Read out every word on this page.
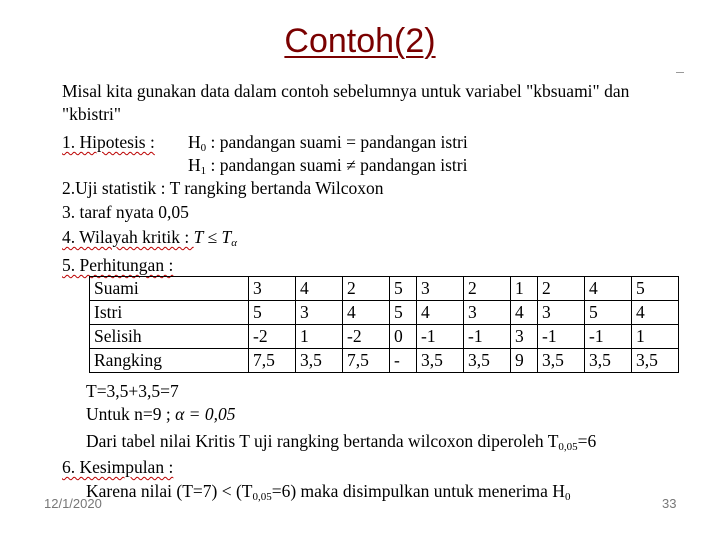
Contoh(2)
Misal kita gunakan data dalam contoh sebelumnya untuk variabel "kbsuami" dan
"kbistri"
1. Hipotesis : $H_0$ : pandangan suami = pandangan istri
$H_1$ : pandangan suami ≠ pandangan istri
2.Uji statistik : T rangking bertanda Wilcoxon
3. taraf nyata 0,05
4. Wilayah kritik : $T \le T_\alpha$
5. Perhitungan :
Suami	3	4	2	5	3	2	1	2	4	5
Istri	5	3	4	5	4	3	4	3	5	4
Selisih	-2	1	-2	0	-1	-1	3	-1	-1	1
Rangking	7,5	3,5	7,5	-	3,5	3,5	9	3,5	3,5	3,5
T=3,5+3,5=7
Untuk n=9 ; α = 0,05
Dari tabel nilai Kritis T uji rangking bertanda wilcoxon diperoleh $T_{0,05}=6$
6. Kesimpulan :
Karena nilai $(T=7) < (T_{0,05}=6)$ maka disimpulkan untuk menerima $H_0$
12/1/2020	33
